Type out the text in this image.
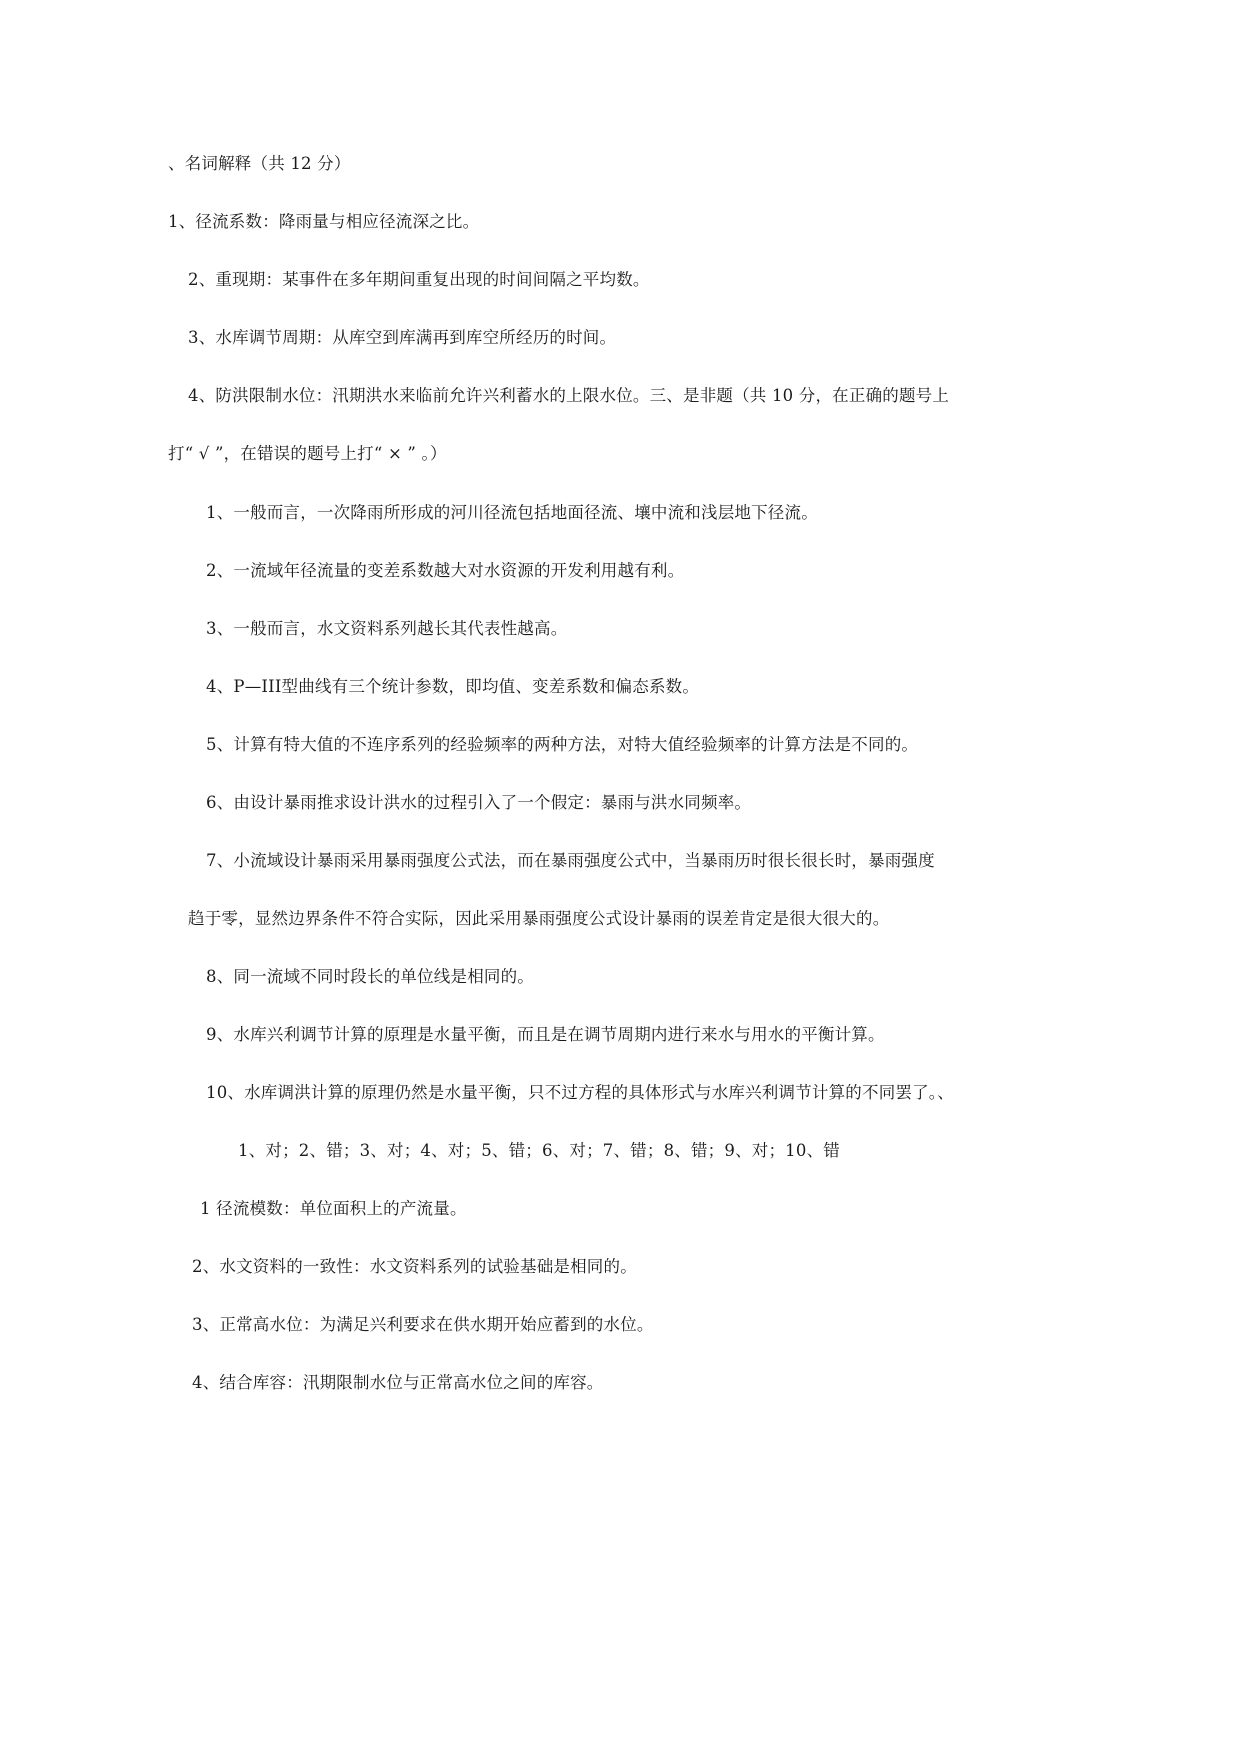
、名词解释（共 12 分）
1、径流系数：降雨量与相应径流深之比。
2、重现期：某事件在多年期间重复出现的时间间隔之平均数。
3、水库调节周期：从库空到库满再到库空所经历的时间。
4、防洪限制水位：汛期洪水来临前允许兴利蓄水的上限水位。三、是非题（共 10 分，在正确的题号上
打“ √ ”，在错误的题号上打“ × ” 。）
1、一般而言，一次降雨所形成的河川径流包括地面径流、壤中流和浅层地下径流。
2、一流域年径流量的变差系数越大对水资源的开发利用越有利。
3、一般而言，水文资料系列越长其代表性越高。
4、P—III型曲线有三个统计参数，即均值、变差系数和偏态系数。
5、计算有特大值的不连序系列的经验频率的两种方法，对特大值经验频率的计算方法是不同的。
6、由设计暴雨推求设计洪水的过程引入了一个假定：暴雨与洪水同频率。
7、小流域设计暴雨采用暴雨强度公式法，而在暴雨强度公式中，当暴雨历时很长很长时，暴雨强度
趋于零，显然边界条件不符合实际，因此采用暴雨强度公式设计暴雨的误差肯定是很大很大的。
8、同一流域不同时段长的单位线是相同的。
9、水库兴利调节计算的原理是水量平衡，而且是在调节周期内进行来水与用水的平衡计算。
10、水库调洪计算的原理仍然是水量平衡，只不过方程的具体形式与水库兴利调节计算的不同罢了。、
1、对；2、错；3、对；4、对；5、错；6、对；7、错；8、错；9、对；10、错
1 径流模数：单位面积上的产流量。
2、水文资料的一致性：水文资料系列的试验基础是相同的。
3、正常高水位：为满足兴利要求在供水期开始应蓄到的水位。
4、结合库容：汛期限制水位与正常高水位之间的库容。
